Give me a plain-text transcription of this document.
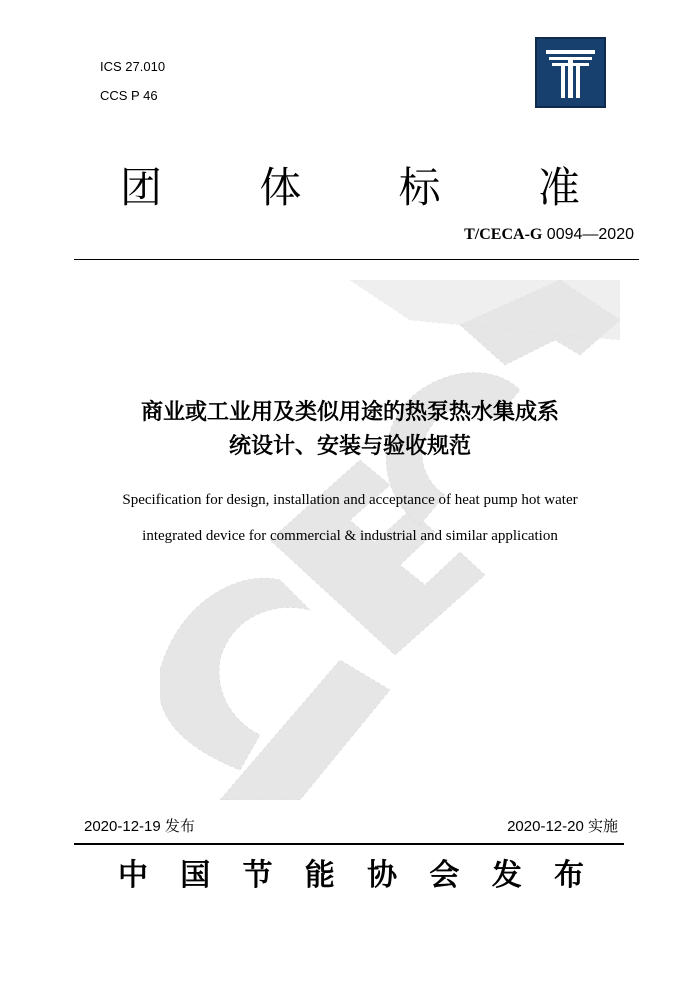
ICS 27.010
CCS P 46
团 体 标 准
T/CECA-G 0094—2020
商业或工业用及类似用途的热泵热水集成系
统设计、安装与验收规范
Specification for design, installation and acceptance of heat pump hot water
integrated device for commercial & industrial and similar application
2020-12-19 发布	2020-12-20 实施
中 国 节 能 协 会 发 布
